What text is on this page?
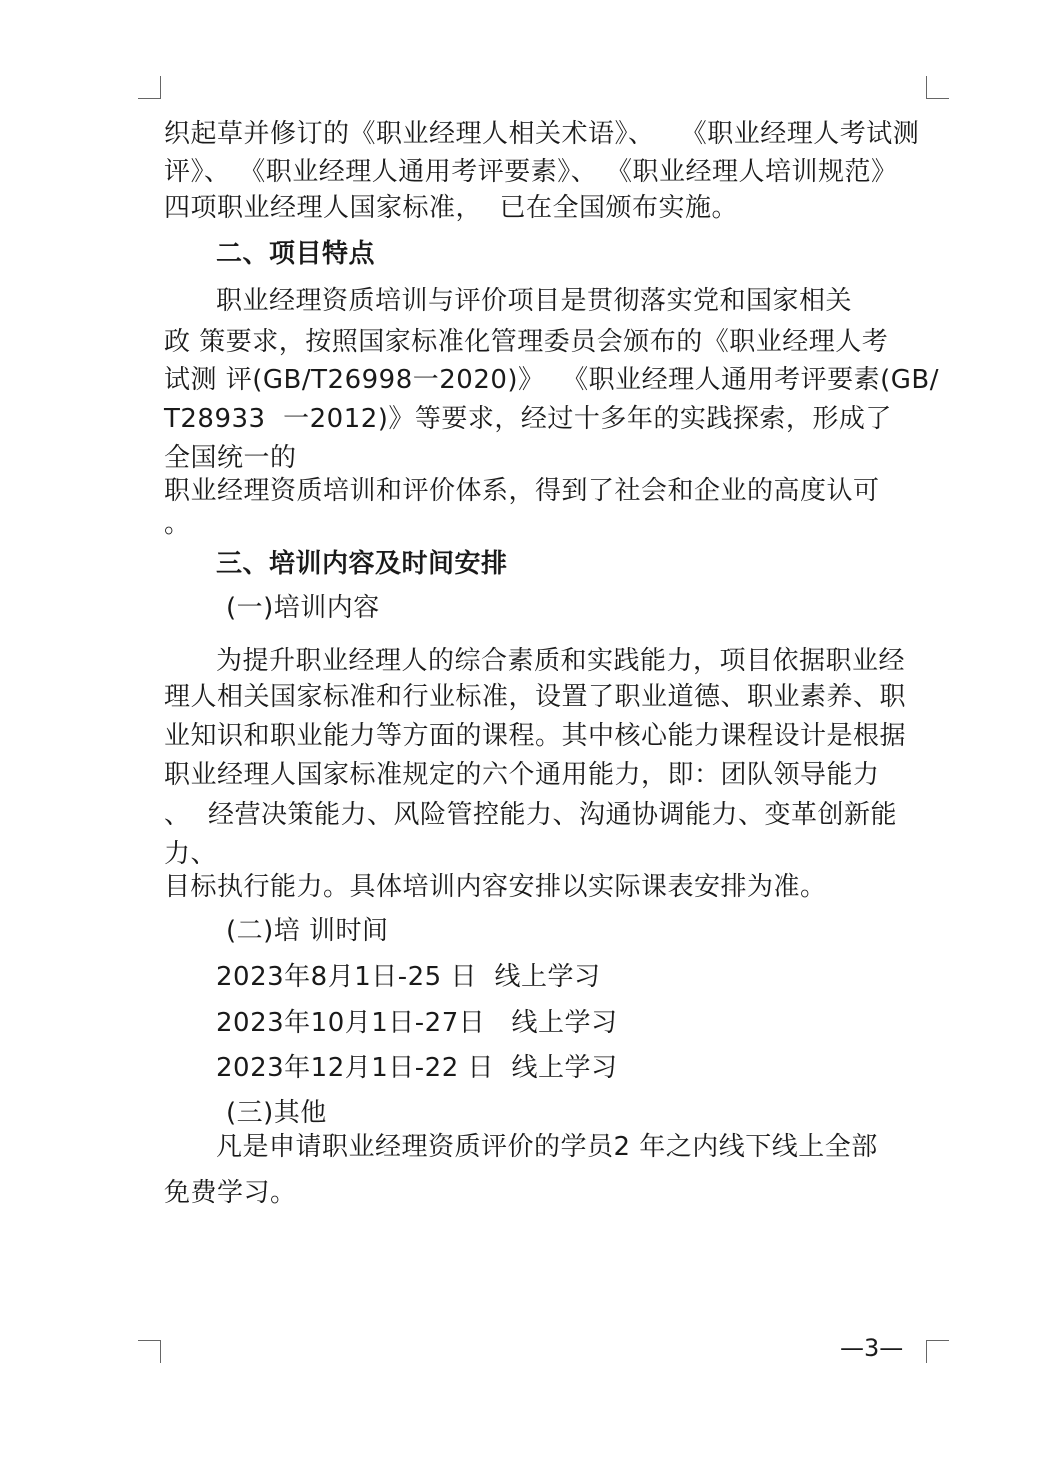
织起草并修订的《职业经理人相关术语》、   《职业经理人考试测
评》、 《职业经理人通用考评要素》、 《职业经理人培训规范》
四项职业经理人国家标准，  已在全国颁布实施。
二、项目特点
职业经理资质培训与评价项目是贯彻落实党和国家相关
政 策要求，按照国家标准化管理委员会颁布的《职业经理人考
试测 评(GB/T26998一2020)》  《职业经理人通用考评要素(GB/
T28933  一2012)》等要求，经过十多年的实践探索，形成了
全国统一的
职业经理资质培训和评价体系，得到了社会和企业的高度认可
。
三、培训内容及时间安排
(一)培训内容
为提升职业经理人的综合素质和实践能力，项目依据职业经
理人相关国家标准和行业标准，设置了职业道德、职业素养、职
业知识和职业能力等方面的课程。其中核心能力课程设计是根据
职业经理人国家标准规定的六个通用能力，即：团队领导能力
、  经营决策能力、风险管控能力、沟通协调能力、变革创新能
力、
目标执行能力。具体培训内容安排以实际课表安排为准。
(二)培 训时间
2023年8月1日-25 日  线上学习
2023年10月1日-27日   线上学习
2023年12月1日-22 日  线上学习
(三)其他
凡是申请职业经理资质评价的学员2 年之内线下线上全部
免费学习。
—3—
